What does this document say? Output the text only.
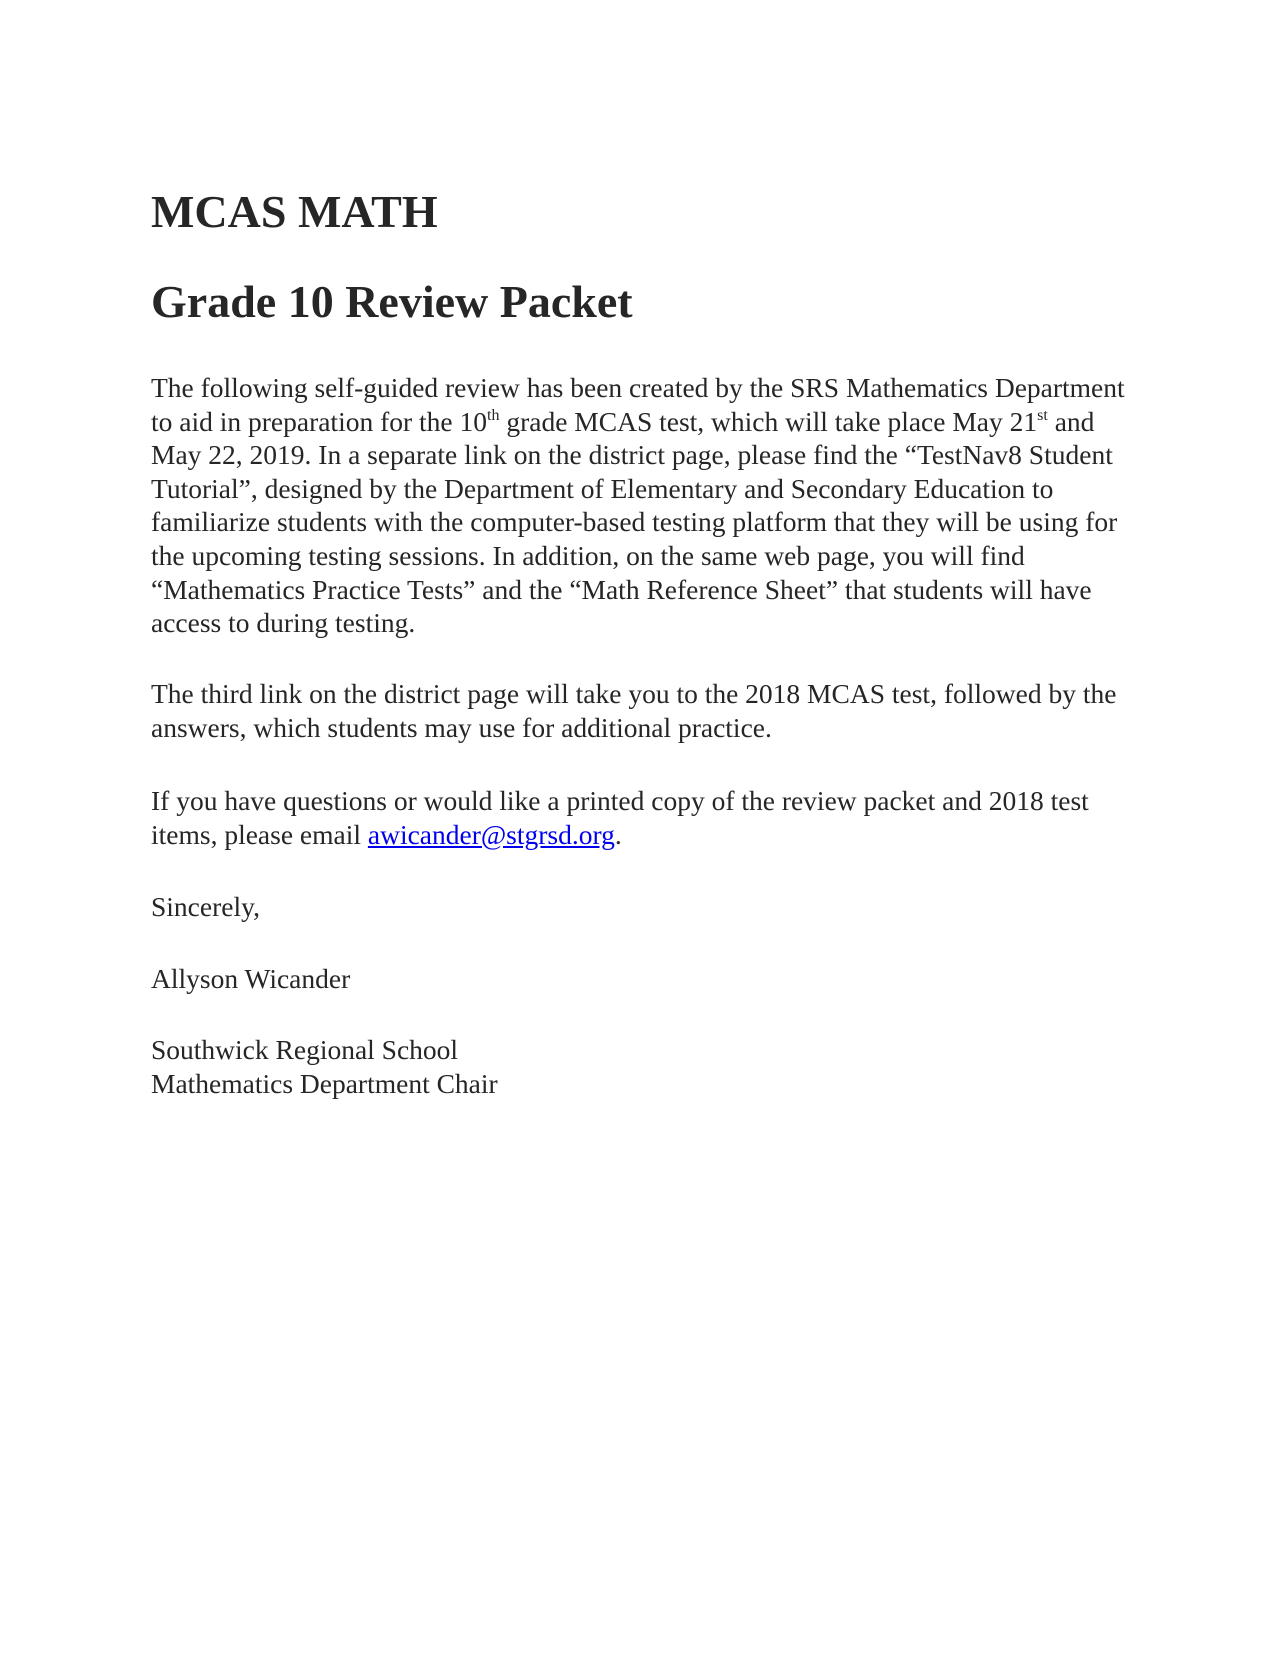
MCAS MATH
Grade 10 Review Packet

The following self-guided review has been created by the SRS Mathematics Department to aid in preparation for the 10th grade MCAS test, which will take place May 21st and May 22, 2019. In a separate link on the district page, please find the “TestNav8 Student Tutorial”, designed by the Department of Elementary and Secondary Education to familiarize students with the computer-based testing platform that they will be using for the upcoming testing sessions. In addition, on the same web page, you will find “Mathematics Practice Tests” and the “Math Reference Sheet” that students will have access to during testing.

The third link on the district page will take you to the 2018 MCAS test, followed by the answers, which students may use for additional practice.

If you have questions or would like a printed copy of the review packet and 2018 test items, please email awicander@stgrsd.org.

Sincerely,

Allyson Wicander

Southwick Regional School
Mathematics Department Chair
